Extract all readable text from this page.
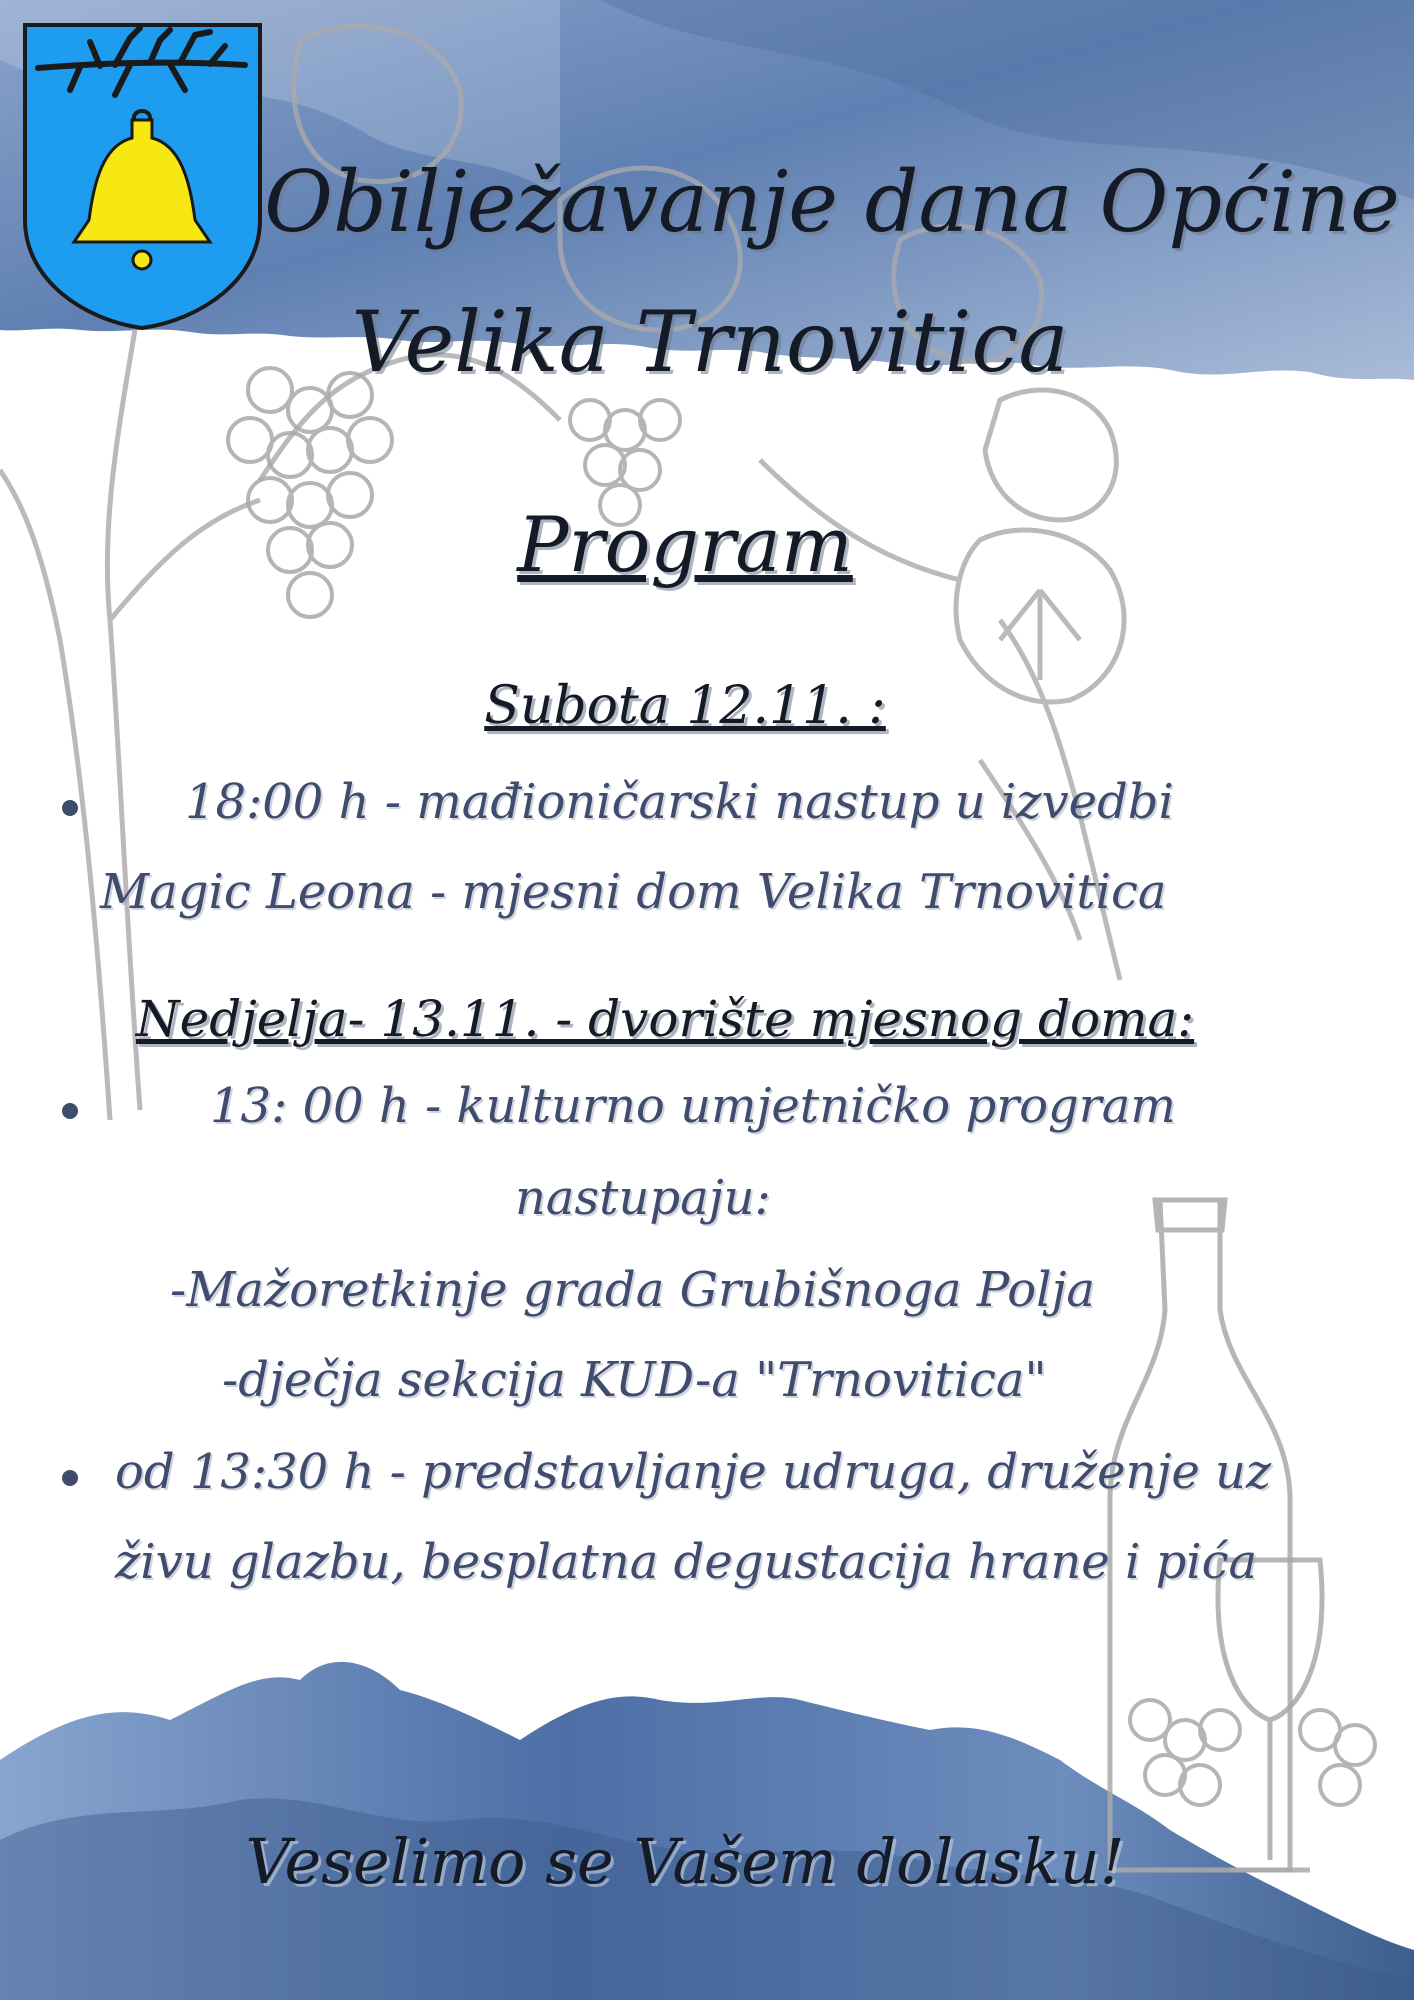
Obilježavanje dana Općine
Velika Trnovitica
Program
Subota 12.11. :
18:00 h - mađioničarski nastup u izvedbi
Magic Leona - mjesni dom Velika Trnovitica
Nedjelja- 13.11. - dvorište mjesnog doma:
13: 00 h - kulturno umjetničko program
nastupaju:
-Mažoretkinje grada Grubišnoga Polja
-dječja sekcija KUD-a "Trnovitica"
od 13:30 h - predstavljanje udruga, druženje uz
živu glazbu, besplatna degustacija hrane i pića
Veselimo se Vašem dolasku!
